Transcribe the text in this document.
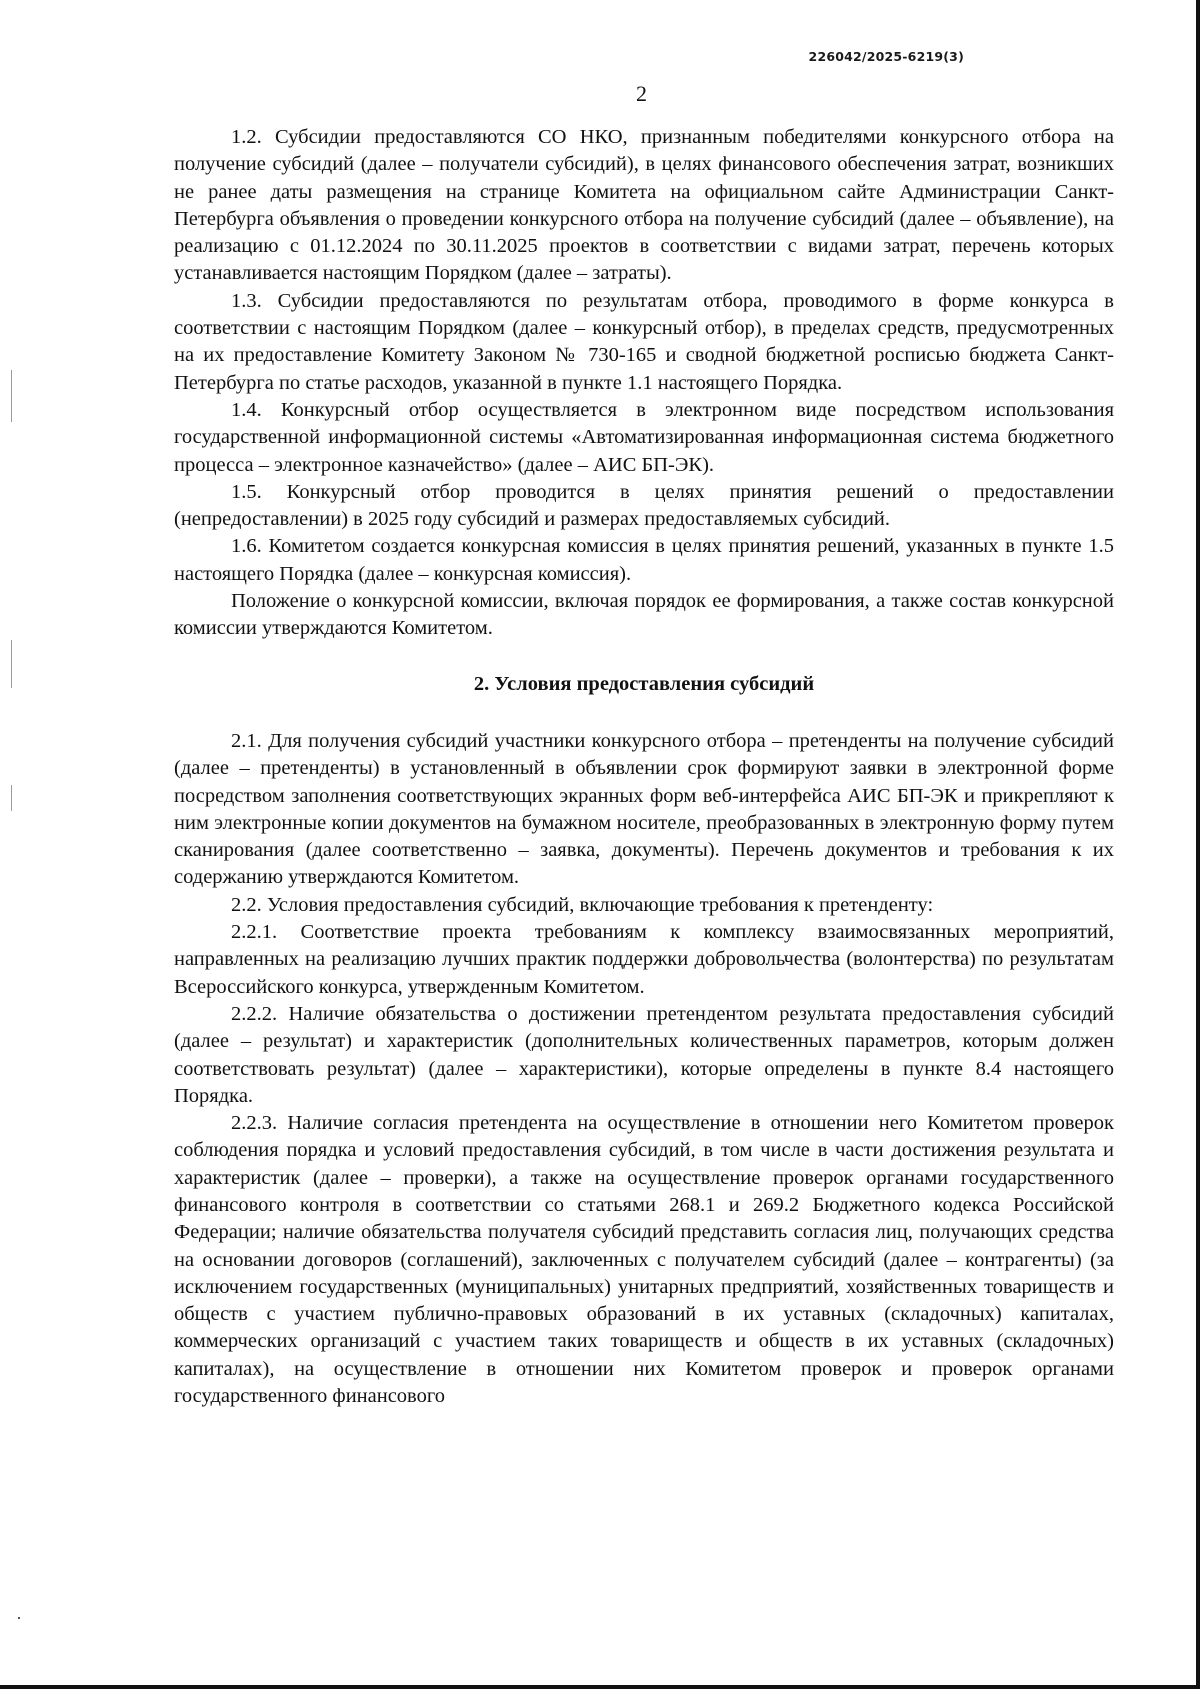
226042/2025-6219(3)
2

1.2. Субсидии предоставляются СО НКО, признанным победителями конкурсного отбора на получение субсидий (далее – получатели субсидий), в целях финансового обеспечения затрат, возникших не ранее даты размещения на странице Комитета на официальном сайте Администрации Санкт-Петербурга объявления о проведении конкурсного отбора на получение субсидий (далее – объявление), на реализацию с 01.12.2024 по 30.11.2025 проектов в соответствии с видами затрат, перечень которых устанавливается настоящим Порядком (далее – затраты).

1.3. Субсидии предоставляются по результатам отбора, проводимого в форме конкурса в соответствии с настоящим Порядком (далее – конкурсный отбор), в пределах средств, предусмотренных на их предоставление Комитету Законом № 730-165 и сводной бюджетной росписью бюджета Санкт-Петербурга по статье расходов, указанной в пункте 1.1 настоящего Порядка.

1.4. Конкурсный отбор осуществляется в электронном виде посредством использования государственной информационной системы «Автоматизированная информационная система бюджетного процесса – электронное казначейство» (далее – АИС БП-ЭК).

1.5. Конкурсный отбор проводится в целях принятия решений о предоставлении (непредоставлении) в 2025 году субсидий и размерах предоставляемых субсидий.

1.6. Комитетом создается конкурсная комиссия в целях принятия решений, указанных в пункте 1.5 настоящего Порядка (далее – конкурсная комиссия).

Положение о конкурсной комиссии, включая порядок ее формирования, а также состав конкурсной комиссии утверждаются Комитетом.

2. Условия предоставления субсидий

2.1. Для получения субсидий участники конкурсного отбора – претенденты на получение субсидий (далее – претенденты) в установленный в объявлении срок формируют заявки в электронной форме посредством заполнения соответствующих экранных форм веб-интерфейса АИС БП-ЭК и прикрепляют к ним электронные копии документов на бумажном носителе, преобразованных в электронную форму путем сканирования (далее соответственно – заявка, документы). Перечень документов и требования к их содержанию утверждаются Комитетом.

2.2. Условия предоставления субсидий, включающие требования к претенденту:

2.2.1. Соответствие проекта требованиям к комплексу взаимосвязанных мероприятий, направленных на реализацию лучших практик поддержки добровольчества (волонтерства) по результатам Всероссийского конкурса, утвержденным Комитетом.

2.2.2. Наличие обязательства о достижении претендентом результата предоставления субсидий (далее – результат) и характеристик (дополнительных количественных параметров, которым должен соответствовать результат) (далее – характеристики), которые определены в пункте 8.4 настоящего Порядка.

2.2.3. Наличие согласия претендента на осуществление в отношении него Комитетом проверок соблюдения порядка и условий предоставления субсидий, в том числе в части достижения результата и характеристик (далее – проверки), а также на осуществление проверок органами государственного финансового контроля в соответствии со статьями 268.1 и 269.2 Бюджетного кодекса Российской Федерации; наличие обязательства получателя субсидий представить согласия лиц, получающих средства на основании договоров (соглашений), заключенных с получателем субсидий (далее – контрагенты) (за исключением государственных (муниципальных) унитарных предприятий, хозяйственных товариществ и обществ с участием публично-правовых образований в их уставных (складочных) капиталах, коммерческих организаций с участием таких товариществ и обществ в их уставных (складочных) капиталах), на осуществление в отношении них Комитетом проверок и проверок органами государственного финансового
